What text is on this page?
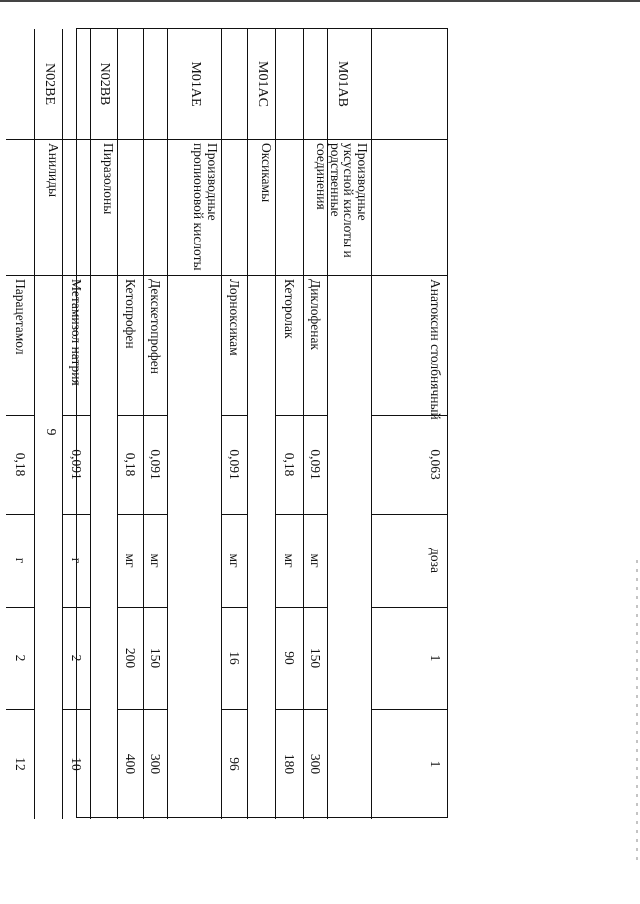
9
Анатоксин столбнячный
0,063
доза
1
1
M01AB
Производные уксусной кислоты и родственные соединения
Диклофенак
0,091
мг
150
300
Кеторолак
0,18
мг
90
180
M01AC
Оксикамы
Лорноксикам
0,091
мг
16
96
M01AE
Производные пропионовой кислоты
Декскетопрофен
0,091
мг
150
300
Кетопрофен
0,18
мг
200
400
N02BB
Пиразолоны
Метамизол натрия
0,091
г
2
10
N02BE
Анилиды
Парацетамол
0,18
г
2
12
